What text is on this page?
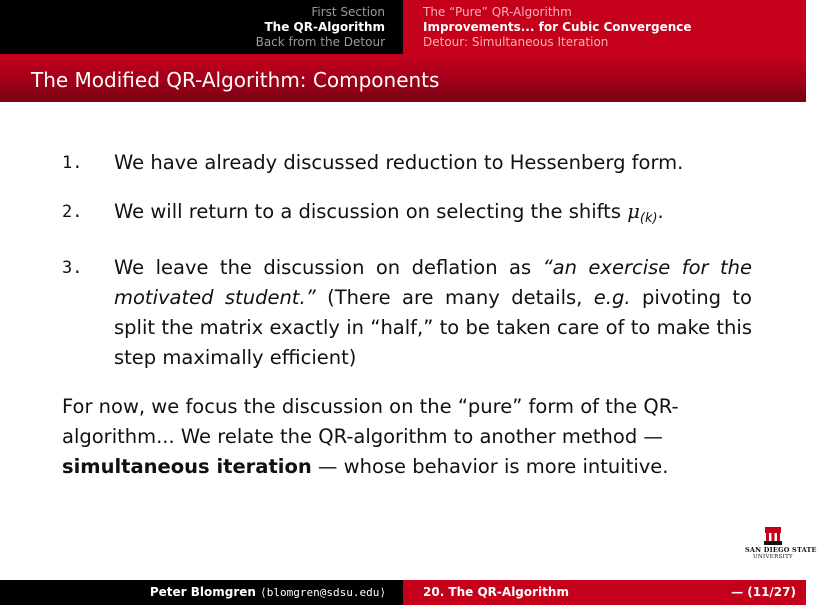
First Section
The QR-Algorithm
Back from the Detour
The “Pure” QR-Algorithm
Improvements... for Cubic Convergence
Detour: Simultaneous Iteration
The Modified QR-Algorithm: Components
1. We have already discussed reduction to Hessenberg form.
2. We will return to a discussion on selecting the shifts $\mu_{(k)}$.
3. We leave the discussion on deflation as “an exercise for the motivated student.” (There are many details, e.g. pivoting to split the matrix exactly in “half,” to be taken care of to make this step maximally efficient)
For now, we focus the discussion on the “pure” form of the QR-algorithm... We relate the QR-algorithm to another method — simultaneous iteration — whose behavior is more intuitive.
SAN DIEGO STATE
UNIVERSITY
Peter Blomgren ⟨blomgren@sdsu.edu⟩	20. The QR-Algorithm	— (11/27)
